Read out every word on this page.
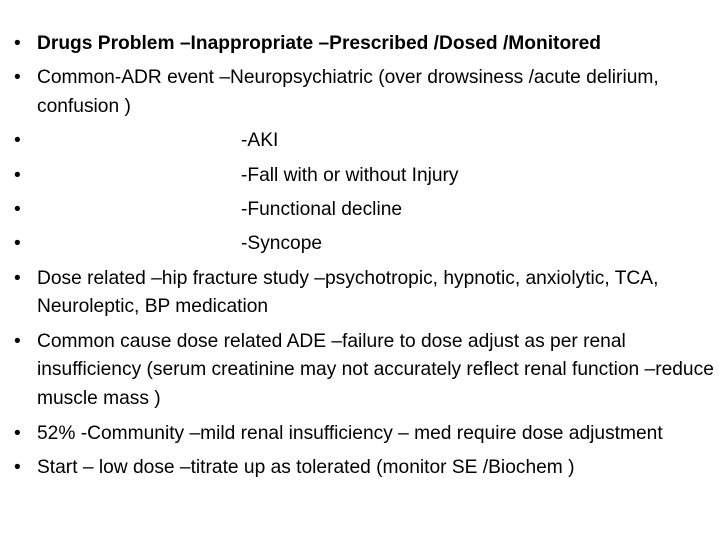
• Drugs Problem –Inappropriate –Prescribed /Dosed /Monitored
• Common-ADR event –Neuropsychiatric (over drowsiness /acute delirium, confusion )
•	-AKI
•	-Fall with or without Injury
•	-Functional decline
•	-Syncope
• Dose related –hip fracture study –psychotropic, hypnotic, anxiolytic, TCA, Neuroleptic, BP medication
• Common cause dose related ADE –failure to dose adjust as per renal insufficiency (serum creatinine may not accurately reflect renal function –reduce muscle mass )
• 52% -Community –mild renal insufficiency – med require dose adjustment
• Start – low dose –titrate up as tolerated (monitor SE /Biochem )
